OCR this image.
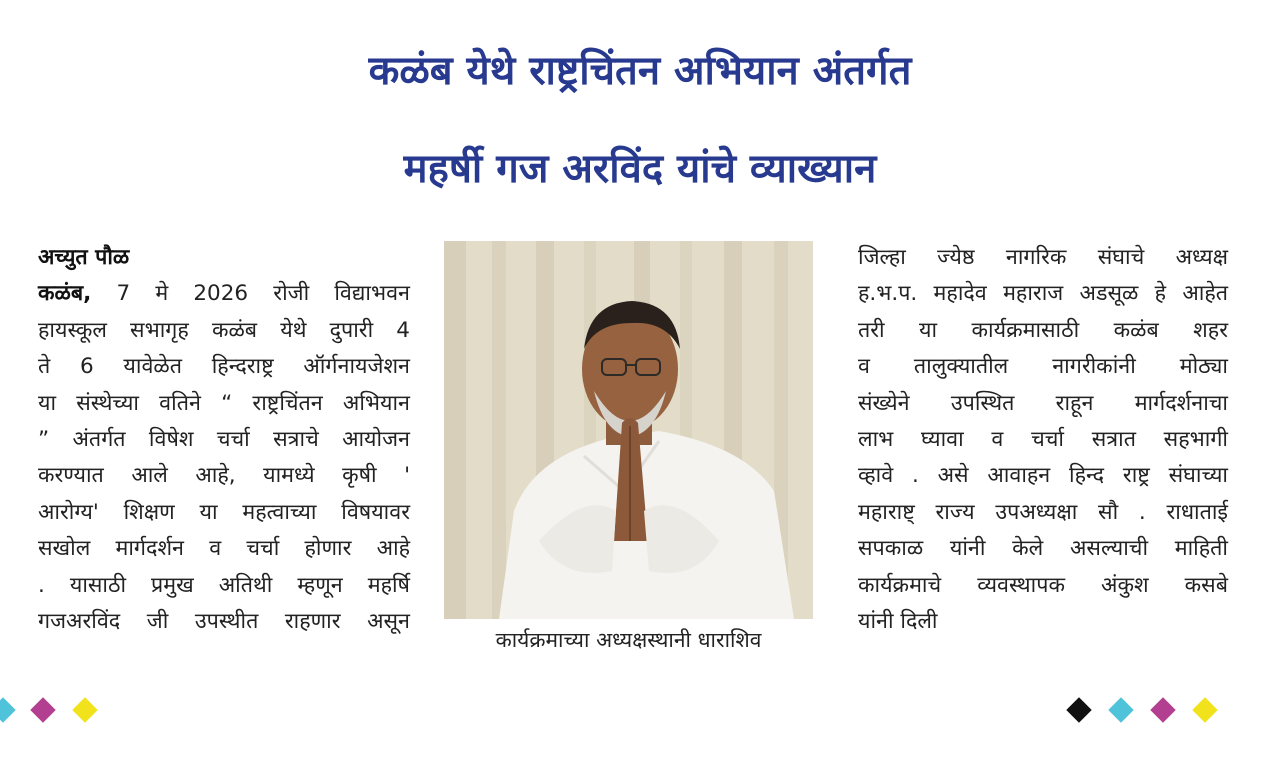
कळंब येथे राष्ट्रचिंतन अभियान अंतर्गत
महर्षी गज अरविंद यांचे व्याख्यान
अच्युत पौळ
कळंब, 7 मे 2026 रोजी विद्याभवन
हायस्कूल सभागृह कळंब येथे दुपारी 4
ते 6 यावेळेत हिन्दराष्ट्र ऑर्गनायजेशन
या संस्थेच्या वतिने “ राष्ट्रचिंतन अभियान
” अंतर्गत विषेश चर्चा सत्राचे आयोजन
करण्यात आले आहे, यामध्ये कृषी '
आरोग्य' शिक्षण या महत्वाच्या विषयावर
सखोल मार्गदर्शन व चर्चा होणार आहे
. यासाठी प्रमुख अतिथी म्हणून महर्षि
गजअरविंद जी उपस्थीत राहणार असून
कार्यक्रमाच्या अध्यक्षस्थानी धाराशिव
जिल्हा ज्येष्ठ नागरिक संघाचे अध्यक्ष
ह.भ.प. महादेव महाराज अडसूळ हे आहेत
तरी या कार्यक्रमासाठी कळंब शहर
व तालुक्यातील नागरीकांनी मोठ्या
संख्येने उपस्थित राहून मार्गदर्शनाचा
लाभ घ्यावा व चर्चा सत्रात सहभागी
व्हावे . असे आवाहन हिन्द राष्ट्र संघाच्या
महाराष्ट् राज्य उपअध्यक्षा सौ . राधाताई
सपकाळ यांनी केले असल्याची माहिती
कार्यक्रमाचे व्यवस्थापक अंकुश कसबे
यांनी दिली
